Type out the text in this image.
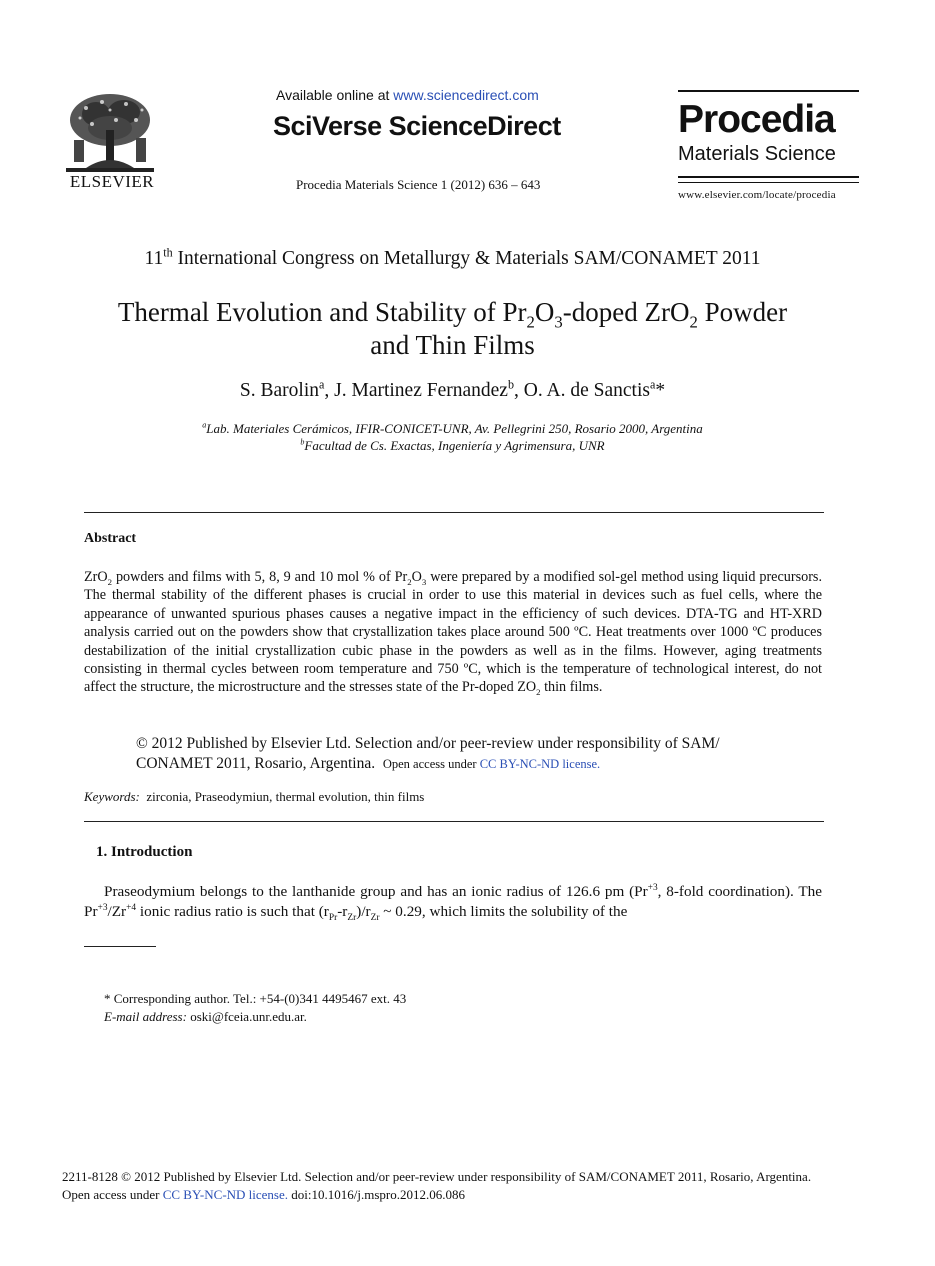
ELSEVIER
Available online at www.sciencedirect.com
SciVerse ScienceDirect
Procedia Materials Science 1 (2012) 636 – 643
Procedia
Materials Science
www.elsevier.com/locate/procedia
11th International Congress on Metallurgy & Materials SAM/CONAMET 2011
Thermal Evolution and Stability of $Pr_2O_3$-doped ZrO$_2$ Powder
and Thin Films
S. Barolin$^a$, J. Martinez Fernandez$^b$, O. A. de Sanctis$^a$*
$^a$Lab. Materiales Cerámicos, IFIR-CONICET-UNR, Av. Pellegrini 250, Rosario 2000, Argentina
$^b$Facultad de Cs. Exactas, Ingeniería y Agrimensura, UNR
Abstract
ZrO$_2$ powders and films with 5, 8, 9 and 10 mol % of $Pr_2O_3$ were prepared by a modified sol-gel method using liquid precursors. The thermal stability of the different phases is crucial in order to use this material in devices such as fuel cells, where the appearance of unwanted spurious phases causes a negative impact in the efficiency of such devices. DTA-TG and HT-XRD analysis carried out on the powders show that crystallization takes place around 500 ºC. Heat treatments over 1000 ºC produces destabilization of the initial crystallization cubic phase in the powders as well as in the films. However, aging treatments consisting in thermal cycles between room temperature and 750 ºC, which is the temperature of technological interest, do not affect the structure, the microstructure and the stresses state of the Pr-doped $ZO_2$ thin films.
© 2012 Published by Elsevier Ltd. Selection and/or peer-review under responsibility of SAM/ CONAMET 2011, Rosario, Argentina. Open access under CC BY-NC-ND license.
Keywords: zirconia, Praseodymiun, thermal evolution, thin films
1. Introduction
Praseodymium belongs to the lanthanide group and has an ionic radius of 126.6 pm ($Pr^{+3}$, 8-fold coordination). The $Pr^{+3}/Zr^{+4}$ ionic radius ratio is such that $(r_{Pr}-r_{Zr})/r_{Zr}$ ~ 0.29, which limits the solubility of the
* Corresponding author. Tel.: +54-(0)341 4495467 ext. 43
E-mail address: oski@fceia.unr.edu.ar.
2211-8128 © 2012 Published by Elsevier Ltd. Selection and/or peer-review under responsibility of SAM/CONAMET 2011, Rosario, Argentina.
Open access under CC BY-NC-ND license. doi:10.1016/j.mspro.2012.06.086
